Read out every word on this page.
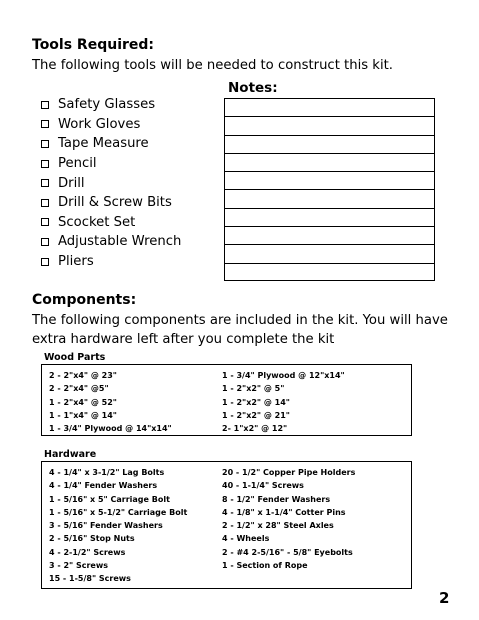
Tools Required:
The following tools will be needed to construct this kit.
Safety Glasses
Work Gloves
Tape Measure
Pencil
Drill
Drill & Screw Bits
Scocket Set
Adjustable Wrench
Pliers
Notes:
Components:
The following components are included in the kit. You will have
extra hardware left after you complete the kit
Wood Parts
2 - 2"x4" @ 23"
2 - 2"x4" @5"
1 - 2"x4" @ 52"
1 - 1"x4" @ 14"
1 - 3/4" Plywood @ 14"x14"
1 - 3/4" Plywood @ 12"x14"
1 - 2"x2" @ 5"
1 - 2"x2" @ 14"
1 - 2"x2" @ 21"
2- 1"x2" @ 12"
Hardware
4 - 1/4" x 3-1/2" Lag Bolts
4 - 1/4" Fender Washers
1 - 5/16" x 5" Carriage Bolt
1 - 5/16" x 5-1/2" Carriage Bolt
3 - 5/16" Fender Washers
2 - 5/16" Stop Nuts
4 - 2-1/2" Screws
3 - 2" Screws
15 - 1-5/8" Screws
20 - 1/2" Copper Pipe Holders
40 - 1-1/4" Screws
8 - 1/2" Fender Washers
4 - 1/8" x 1-1/4" Cotter Pins
2 - 1/2" x 28" Steel Axles
4 - Wheels
2 - #4 2-5/16" - 5/8" Eyebolts
1 - Section of Rope
2
